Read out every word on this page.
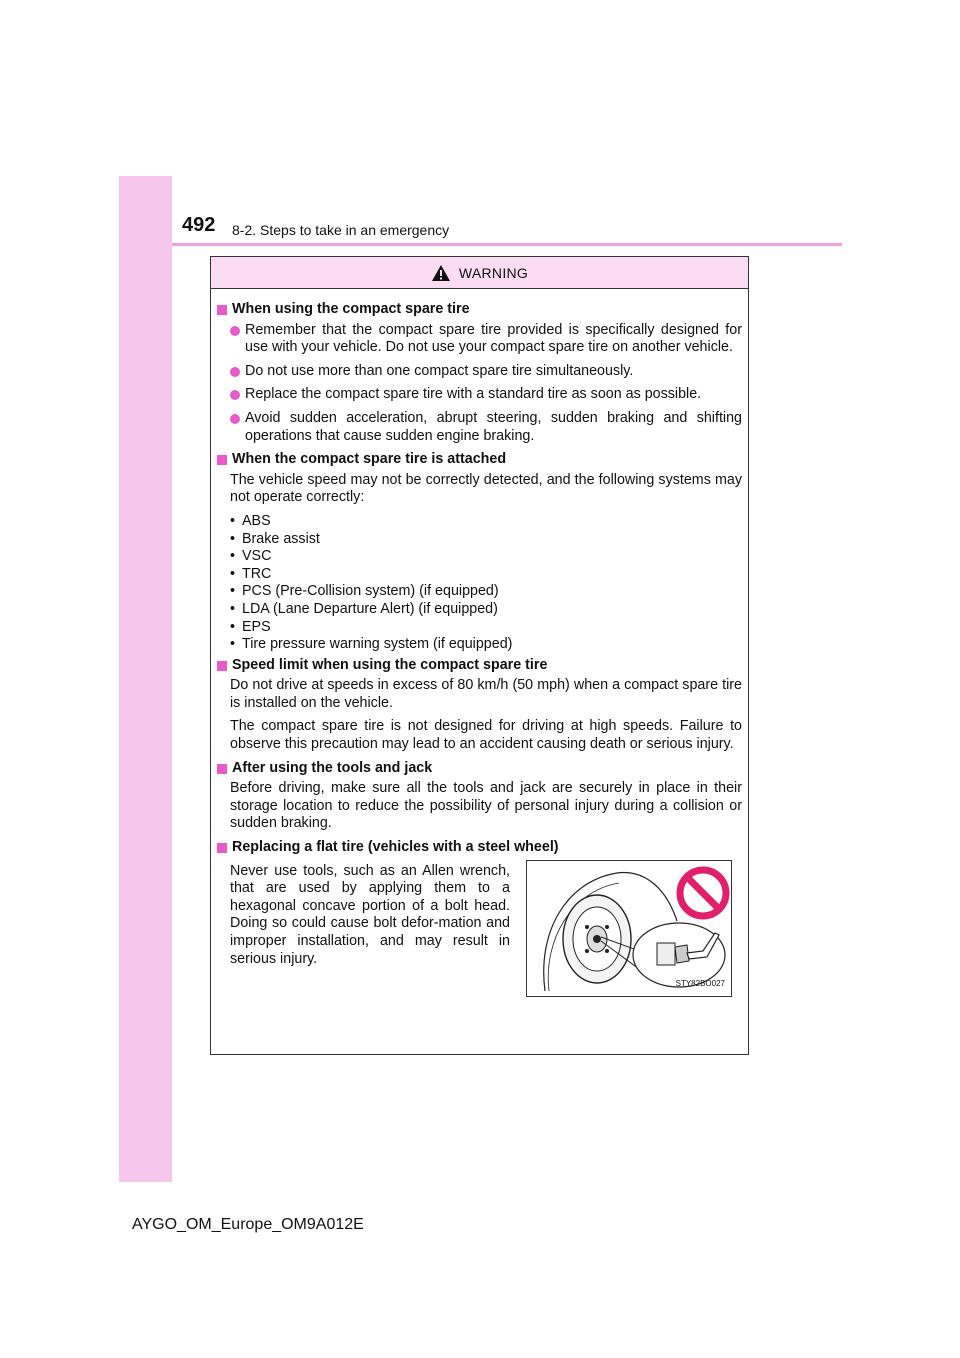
492 8-2. Steps to take in an emergency
WARNING
When using the compact spare tire
Remember that the compact spare tire provided is specifically designed for use with your vehicle. Do not use your compact spare tire on another vehicle.
Do not use more than one compact spare tire simultaneously.
Replace the compact spare tire with a standard tire as soon as possible.
Avoid sudden acceleration, abrupt steering, sudden braking and shifting operations that cause sudden engine braking.
When the compact spare tire is attached
The vehicle speed may not be correctly detected, and the following systems may not operate correctly:
• ABS
• Brake assist
• VSC
• TRC
• PCS (Pre-Collision system) (if equipped)
• LDA (Lane Departure Alert) (if equipped)
• EPS
• Tire pressure warning system (if equipped)
Speed limit when using the compact spare tire
Do not drive at speeds in excess of 80 km/h (50 mph) when a compact spare tire is installed on the vehicle.
The compact spare tire is not designed for driving at high speeds. Failure to observe this precaution may lead to an accident causing death or serious injury.
After using the tools and jack
Before driving, make sure all the tools and jack are securely in place in their storage location to reduce the possibility of personal injury during a collision or sudden braking.
Replacing a flat tire (vehicles with a steel wheel)
Never use tools, such as an Allen wrench, that are used by applying them to a hexagonal concave portion of a bolt head. Doing so could cause bolt defor-mation and improper installation, and may result in serious injury.
STY82BO027
AYGO_OM_Europe_OM9A012E
